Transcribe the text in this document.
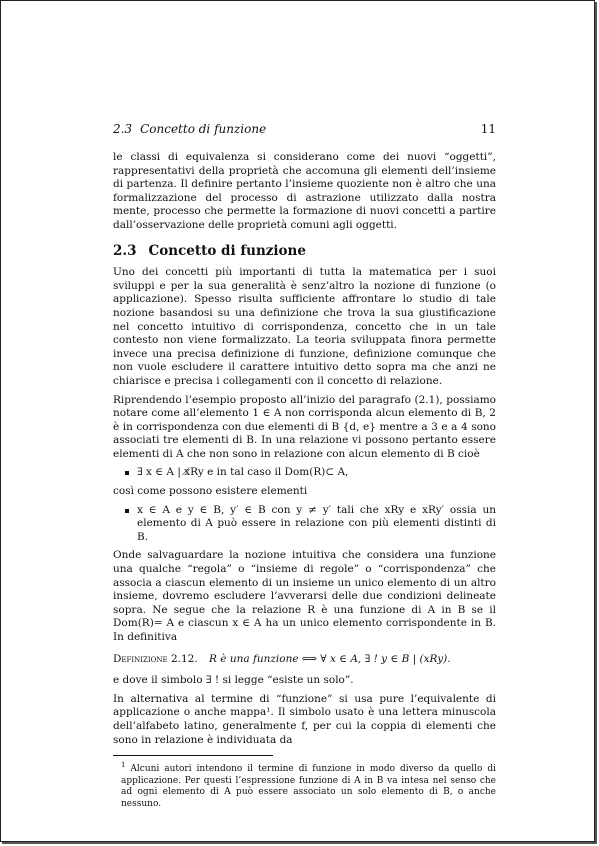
2.3 Concetto di funzione	11

le classi di equivalenza si considerano come dei nuovi “oggetti”, rappresentativi della proprietà che accomuna gli elementi dell’insieme di partenza. Il definire pertanto l’insieme quoziente non è altro che una formalizzazione del processo di astrazione utilizzato dalla nostra mente, processo che permette la formazione di nuovi concetti a partire dall’osservazione delle proprietà comuni agli oggetti.

2.3 Concetto di funzione

Uno dei concetti più importanti di tutta la matematica per i suoi sviluppi e per la sua generalità è senz’altro la nozione di funzione (o applicazione). Spesso risulta sufficiente affrontare lo studio di tale nozione basandosi su una definizione che trova la sua giustificazione nel concetto intuitivo di corrispondenza, concetto che in un tale contesto non viene formalizzato. La teoria sviluppata finora permette invece una precisa definizione di funzione, definizione comunque che non vuole escludere il carattere intuitivo detto sopra ma che anzi ne chiarisce e precisa i collegamenti con il concetto di relazione.

Riprendendo l’esempio proposto all’inizio del paragrafo (2.1), possiamo notare come all’elemento 1 ∈ A non corrisponda alcun elemento di B, 2 è in corrispondenza con due elementi di B {d, e} mentre a 3 e a 4 sono associati tre elementi di B. In una relazione vi possono pertanto essere elementi di A che non sono in relazione con alcun elemento di B cioè

∃ x ∈ A | x̸Ry e in tal caso il Dom(R)⊂ A,

così come possono esistere elementi

x ∈ A e y ∈ B, y′ ∈ B con y ≠ y′ tali che xRy e xRy′ ossia un elemento di A può essere in relazione con più elementi distinti di B.

Onde salvaguardare la nozione intuitiva che considera una funzione una qualche “regola” o “insieme di regole” o “corrispondenza” che associa a ciascun elemento di un insieme un unico elemento di un altro insieme, dovremo escludere l’avverarsi delle due condizioni delineate sopra. Ne segue che la relazione R è una funzione di A in B se il Dom(R)= A e ciascun x ∈ A ha un unico elemento corrispondente in B. In definitiva

Definizione 2.12. R è una funzione ⟺ ∀ x ∈ A, ∃ ! y ∈ B | (xRy).

e dove il simbolo ∃ ! si legge “esiste un solo”.

In alternativa al termine di “funzione” si usa pure l’equivalente di applicazione o anche mappa¹. Il simbolo usato è una lettera minuscola dell’alfabeto latino, generalmente f, per cui la coppia di elementi che sono in relazione è individuata da

$^1$ Alcuni autori intendono il termine di funzione in modo diverso da quello di applicazione. Per questi l’espressione funzione di A in B va intesa nel senso che ad ogni elemento di A può essere associato un solo elemento di B, o anche nessuno.
